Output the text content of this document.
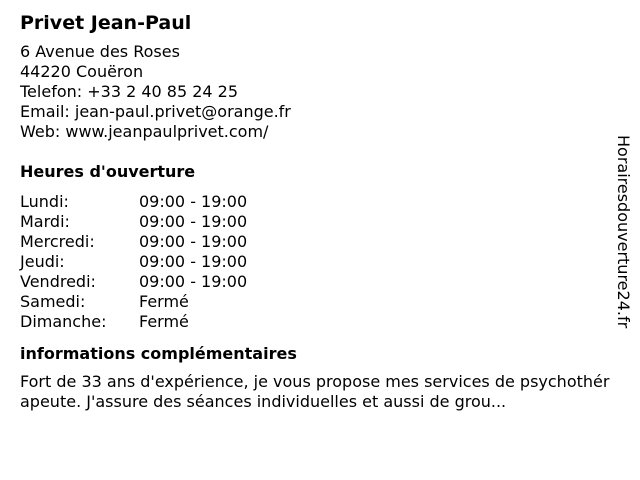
Privet Jean-Paul
6 Avenue des Roses
44220 Couëron
Telefon: +33 2 40 85 24 25
Email: jean-paul.privet@orange.fr
Web: www.jeanpaulprivet.com/
Heures d'ouverture
Lundi:	09:00 - 19:00
Mardi:	09:00 - 19:00
Mercredi:	09:00 - 19:00
Jeudi:	09:00 - 19:00
Vendredi:	09:00 - 19:00
Samedi:	Fermé
Dimanche:	Fermé
informations complémentaires
Fort de 33 ans d'expérience, je vous propose mes services de psychothérapeute. J'assure des séances individuelles et aussi de grou...
Horairesdouverture24.fr
